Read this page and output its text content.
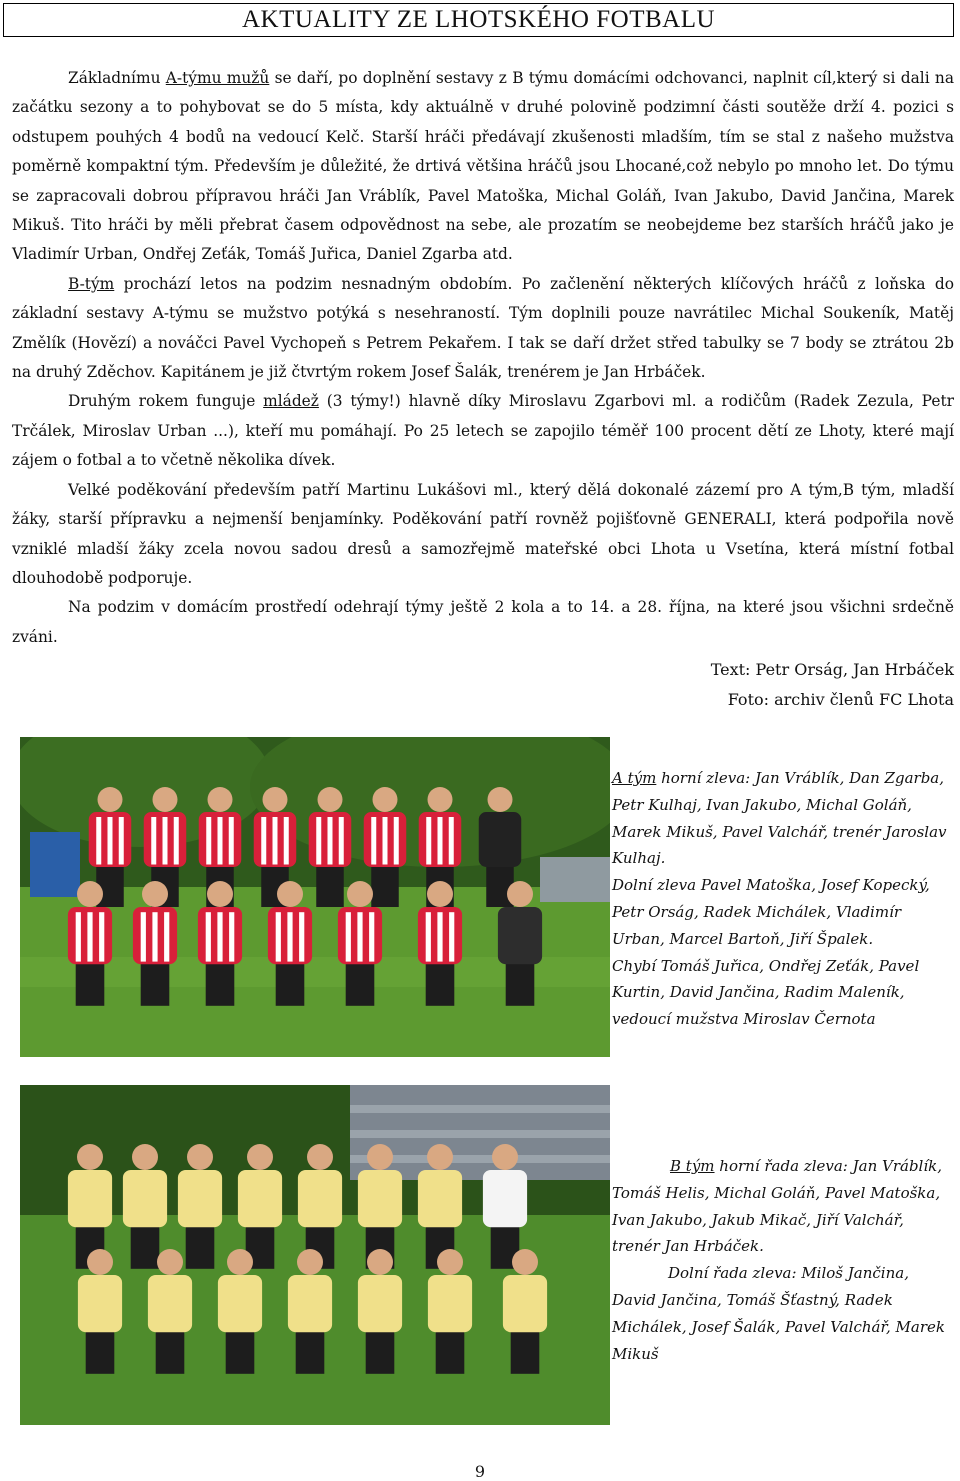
AKTUALITY ZE LHOTSKÉHO FOTBALU

Základnímu A-týmu mužů se daří, po doplnění sestavy z B týmu domácími odchovanci, naplnit cíl,který si dali na začátku sezony a to pohybovat se do 5 místa, kdy aktuálně v druhé polovině podzimní části soutěže drží 4. pozici s odstupem pouhých 4 bodů na vedoucí Kelč. Starší hráči předávají zkušenosti mladším, tím se stal z našeho mužstva poměrně kompaktní tým. Především je důležité, že drtivá většina hráčů jsou Lhocané,což nebylo po mnoho let. Do týmu se zapracovali dobrou přípravou hráči Jan Vráblík, Pavel Matoška, Michal Goláň, Ivan Jakubo, David Jančina, Marek Mikuš. Tito hráči by měli přebrat časem odpovědnost na sebe, ale prozatím se neobejdeme bez starších hráčů jako je Vladimír Urban, Ondřej Zeťák, Tomáš Juřica, Daniel Zgarba atd.

B-tým prochází letos na podzim nesnadným obdobím. Po začlenění některých klíčových hráčů z loňska do základní sestavy A-týmu se mužstvo potýká s nesehraností. Tým doplnili pouze navrátilec Michal Soukeník, Matěj Změlík (Hovězí) a nováčci Pavel Vychopeň s Petrem Pekařem. I tak se daří držet střed tabulky se 7 body se ztrátou 2b na druhý Zděchov. Kapitánem je již čtvrtým rokem Josef Šalák, trenérem je Jan Hrbáček.

Druhým rokem funguje mládež (3 týmy!) hlavně díky Miroslavu Zgarbovi ml. a rodičům (Radek Zezula, Petr Trčálek, Miroslav Urban ...), kteří mu pomáhají. Po 25 letech se zapojilo téměř 100 procent dětí ze Lhoty, které mají zájem o fotbal a to včetně několika dívek.

Velké poděkování především patří Martinu Lukášovi ml., který dělá dokonalé zázemí pro A tým,B tým, mladší žáky, starší přípravku a nejmenší benjamínky. Poděkování patří rovněž pojišťovně GENERALI, která podpořila nově vzniklé mladší žáky zcela novou sadou dresů a samozřejmě mateřské obci Lhota u Vsetína, která místní fotbal dlouhodobě podporuje.

Na podzim v domácím prostředí odehrají týmy ještě 2 kola a to 14. a 28. října, na které jsou všichni srdečně zváni.

Text: Petr Orság, Jan Hrbáček
Foto: archiv členů FC Lhota
A tým horní zleva: Jan Vráblík, Dan Zgarba, Petr Kulhaj, Ivan Jakubo, Michal Goláň, Marek Mikuš, Pavel Valchář, trenér Jaroslav Kulhaj.
Dolní zleva Pavel Matoška, Josef Kopecký, Petr Orság, Radek Michálek, Vladimír Urban, Marcel Bartoň, Jiří Špalek.
Chybí Tomáš Juřica, Ondřej Zeťák, Pavel Kurtin, David Jančina, Radim Maleník, vedoucí mužstva Miroslav Černota
B tým horní řada zleva: Jan Vráblík, Tomáš Helis, Michal Goláň, Pavel Matoška, Ivan Jakubo, Jakub Mikač, Jiří Valchář, trenér Jan Hrbáček.
Dolní řada zleva: Miloš Jančina, David Jančina, Tomáš Šťastný, Radek Michálek, Josef Šalák, Pavel Valchář, Marek Mikuš
9
